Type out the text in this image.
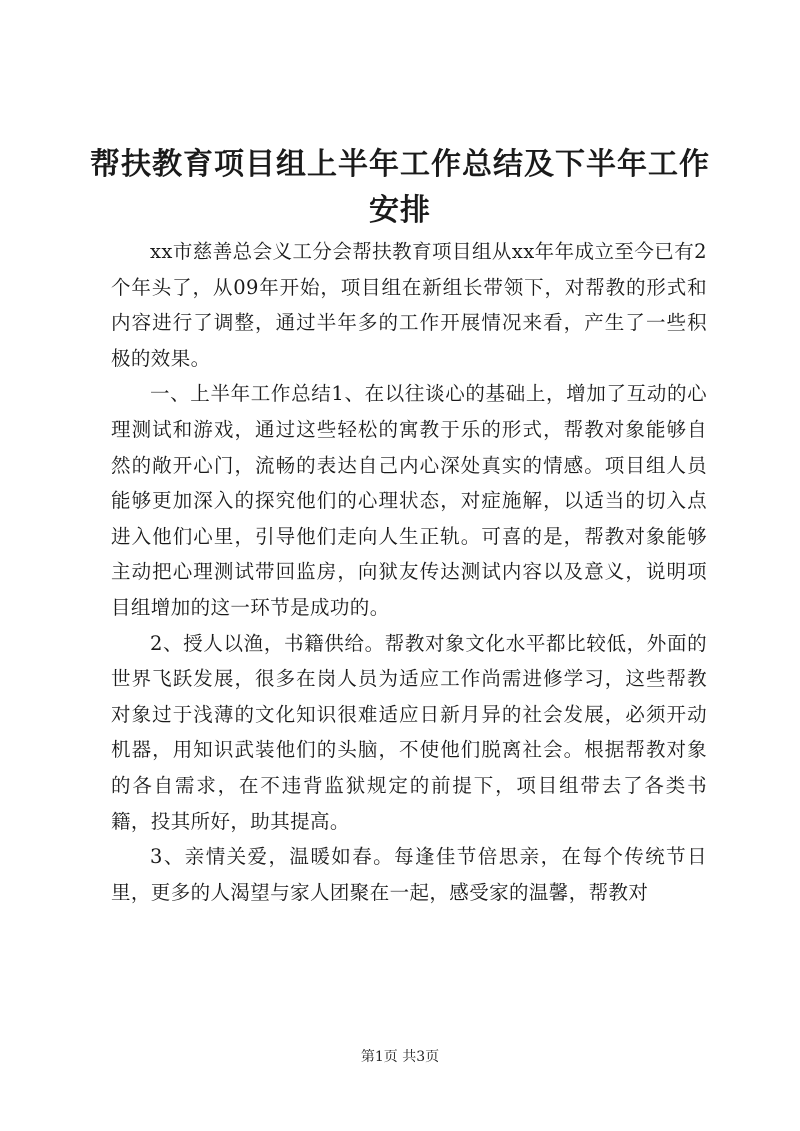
帮扶教育项目组上半年工作总结及下半年工作安排

xx市慈善总会义工分会帮扶教育项目组从xx年年成立至今已有2个年头了，从09年开始，项目组在新组长带领下，对帮教的形式和内容进行了调整，通过半年多的工作开展情况来看，产生了一些积极的效果。

一、上半年工作总结1、在以往谈心的基础上，增加了互动的心理测试和游戏，通过这些轻松的寓教于乐的形式，帮教对象能够自然的敞开心门，流畅的表达自己内心深处真实的情感。项目组人员能够更加深入的探究他们的心理状态，对症施解，以适当的切入点进入他们心里，引导他们走向人生正轨。可喜的是，帮教对象能够主动把心理测试带回监房，向狱友传达测试内容以及意义，说明项目组增加的这一环节是成功的。

2、授人以渔，书籍供给。帮教对象文化水平都比较低，外面的世界飞跃发展，很多在岗人员为适应工作尚需进修学习，这些帮教对象过于浅薄的文化知识很难适应日新月异的社会发展，必须开动机器，用知识武装他们的头脑，不使他们脱离社会。根据帮教对象的各自需求，在不违背监狱规定的前提下，项目组带去了各类书籍，投其所好，助其提高。

3、亲情关爱，温暖如春。每逢佳节倍思亲，在每个传统节日里，更多的人渴望与家人团聚在一起，感受家的温馨，帮教对

第1页 共3页
